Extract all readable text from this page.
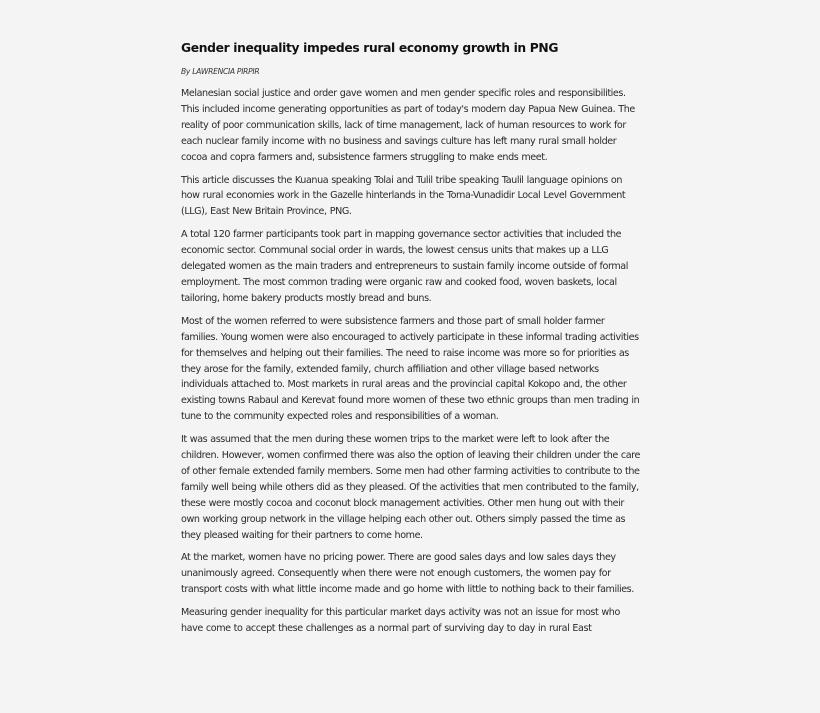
Gender inequality impedes rural economy growth in PNG
By LAWRENCIA PIRPIR

Melanesian social justice and order gave women and men gender specific roles and responsibilities. This included income generating opportunities as part of today's modern day Papua New Guinea. The reality of poor communication skills, lack of time management, lack of human resources to work for each nuclear family income with no business and savings culture has left many rural small holder cocoa and copra farmers and, subsistence farmers struggling to make ends meet.

This article discusses the Kuanua speaking Tolai and Tulil tribe speaking Taulil language opinions on how rural economies work in the Gazelle hinterlands in the Toma-Vunadidir Local Level Government (LLG), East New Britain Province, PNG.

A total 120 farmer participants took part in mapping governance sector activities that included the economic sector. Communal social order in wards, the lowest census units that makes up a LLG delegated women as the main traders and entrepreneurs to sustain family income outside of formal employment. The most common trading were organic raw and cooked food, woven baskets, local tailoring, home bakery products mostly bread and buns.

Most of the women referred to were subsistence farmers and those part of small holder farmer families. Young women were also encouraged to actively participate in these informal trading activities for themselves and helping out their families. The need to raise income was more so for priorities as they arose for the family, extended family, church affiliation and other village based networks individuals attached to. Most markets in rural areas and the provincial capital Kokopo and, the other existing towns Rabaul and Kerevat found more women of these two ethnic groups than men trading in tune to the community expected roles and responsibilities of a woman.

It was assumed that the men during these women trips to the market were left to look after the children. However, women confirmed there was also the option of leaving their children under the care of other female extended family members. Some men had other farming activities to contribute to the family well being while others did as they pleased. Of the activities that men contributed to the family, these were mostly cocoa and coconut block management activities. Other men hung out with their own working group network in the village helping each other out. Others simply passed the time as they pleased waiting for their partners to come home.

At the market, women have no pricing power. There are good sales days and low sales days they unanimously agreed. Consequently when there were not enough customers, the women pay for transport costs with what little income made and go home with little to nothing back to their families.

Measuring gender inequality for this particular market days activity was not an issue for most who have come to accept these challenges as a normal part of surviving day to day in rural East
